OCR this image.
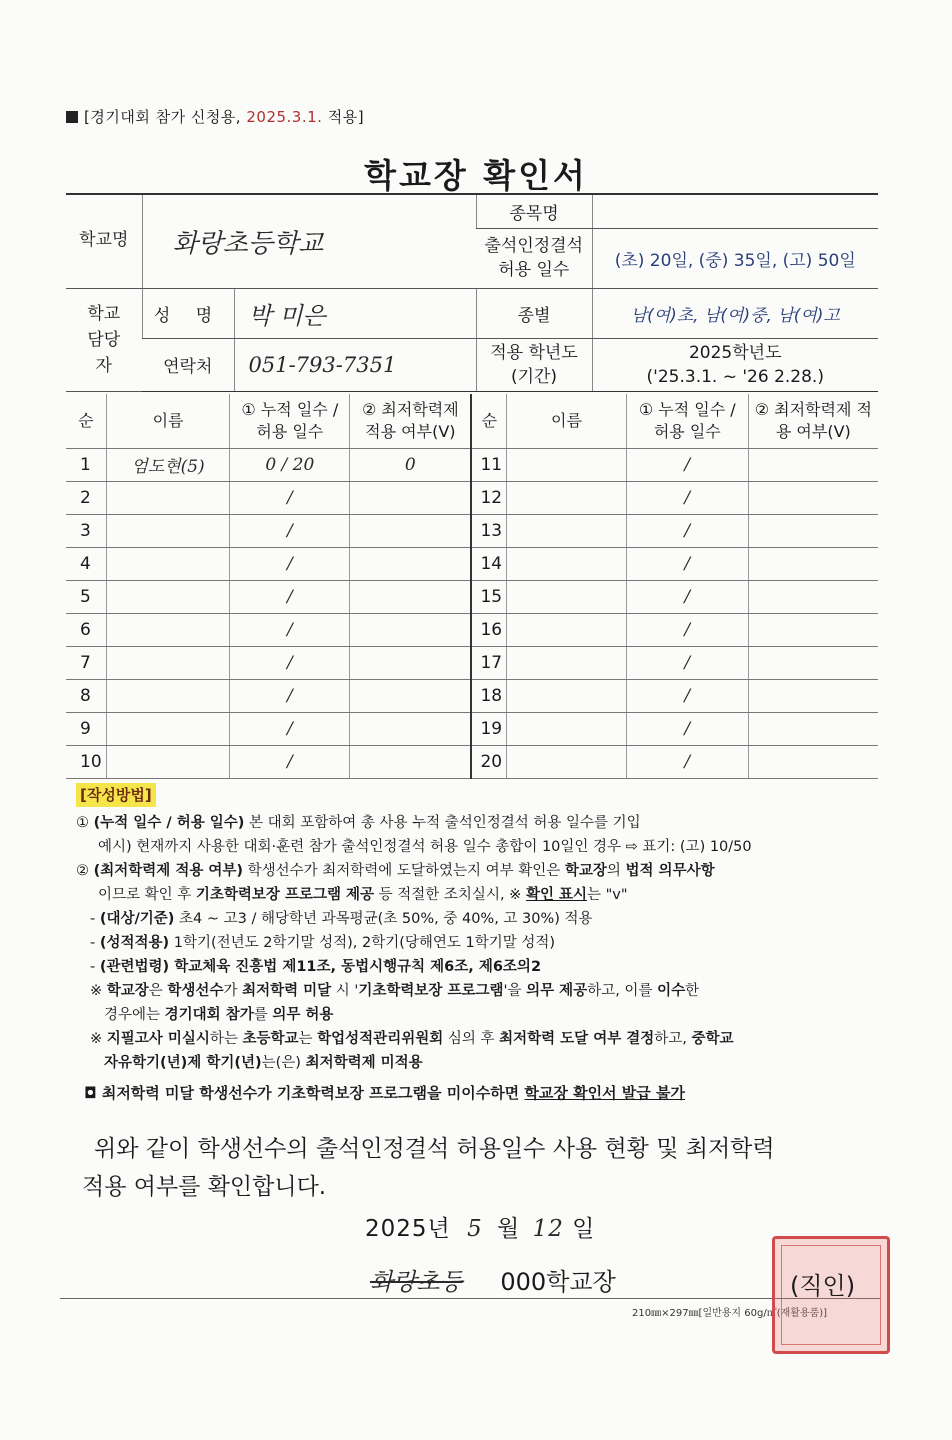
[경기대회 참가 신청용, 2025.3.1. 적용]
학교장 확인서
학교명	화랑초등학교		종목명	
			출석인정결석 허용 일수	(초) 20일, (중) 35일, (고) 50일
학교 담당자	성 명	박 미은	종별	남(여)초, 남(여)중, 남(여)고
	연락처	051-793-7351	적용 학년도 (기간)	2025학년도
('25.3.1. ~ '26 2.28.)
순	이름	① 누적 일수 / 허용 일수	② 최저학력제 적용 여부(V)	순	이름	① 누적 일수 / 허용 일수	② 최저학력제 적용 여부(V)
1	엄도현(5)	0 / 20	0	11		/	
2		/		12		/	
3		/		13		/	
4		/		14		/	
5		/		15		/	
6		/		16		/	
7		/		17		/	
8		/		18		/	
9		/		19		/	
10		/		20		/	
[작성방법]

① (누적 일수 / 허용 일수) 본 대회 포함하여 총 사용 누적 출석인정결석 허용 일수를 기입

예시) 현재까지 사용한 대회·훈련 참가 출석인정결석 허용 일수 총합이 10일인 경우 ⇨ 표기: (고) 10/50

② (최저학력제 적용 여부) 학생선수가 최저학력에 도달하였는지 여부 확인은 학교장의 법적 의무사항

이므로 확인 후 기초학력보장 프로그램 제공 등 적절한 조치실시, ※ 확인 표시는 "v"

- (대상/기준) 초4 ~ 고3 / 해당학년 과목평균(초 50%, 중 40%, 고 30%) 적용

- (성적적용) 1학기(전년도 2학기말 성적), 2학기(당해연도 1학기말 성적)

- (관련법령) 학교체육 진흥법 제11조, 동법시행규칙 제6조, 제6조의2

※ 학교장은 학생선수가 최저학력 미달 시 '기초학력보장 프로그램'을 의무 제공하고, 이를 이수한

경우에는 경기대회 참가를 의무 허용

※ 지필고사 미실시하는 초등학교는 학업성적관리위원회 심의 후 최저학력 도달 여부 결정하고, 중학교

자유학기(년)제 학기(년)는(은) 최저학력제 미적용

◘ 최저학력 미달 학생선수가 기초학력보장 프로그램을 미이수하면 학교장 확인서 발급 불가

위와 같이 학생선수의 출석인정결석 허용일수 사용 현황 및 최저학력

적용 여부를 확인합니다.

2025년 5 월 12 일
화랑초등 000학교장
210㎜×297㎜[일반용지 60g/㎡(재활용품)]
(직인)
